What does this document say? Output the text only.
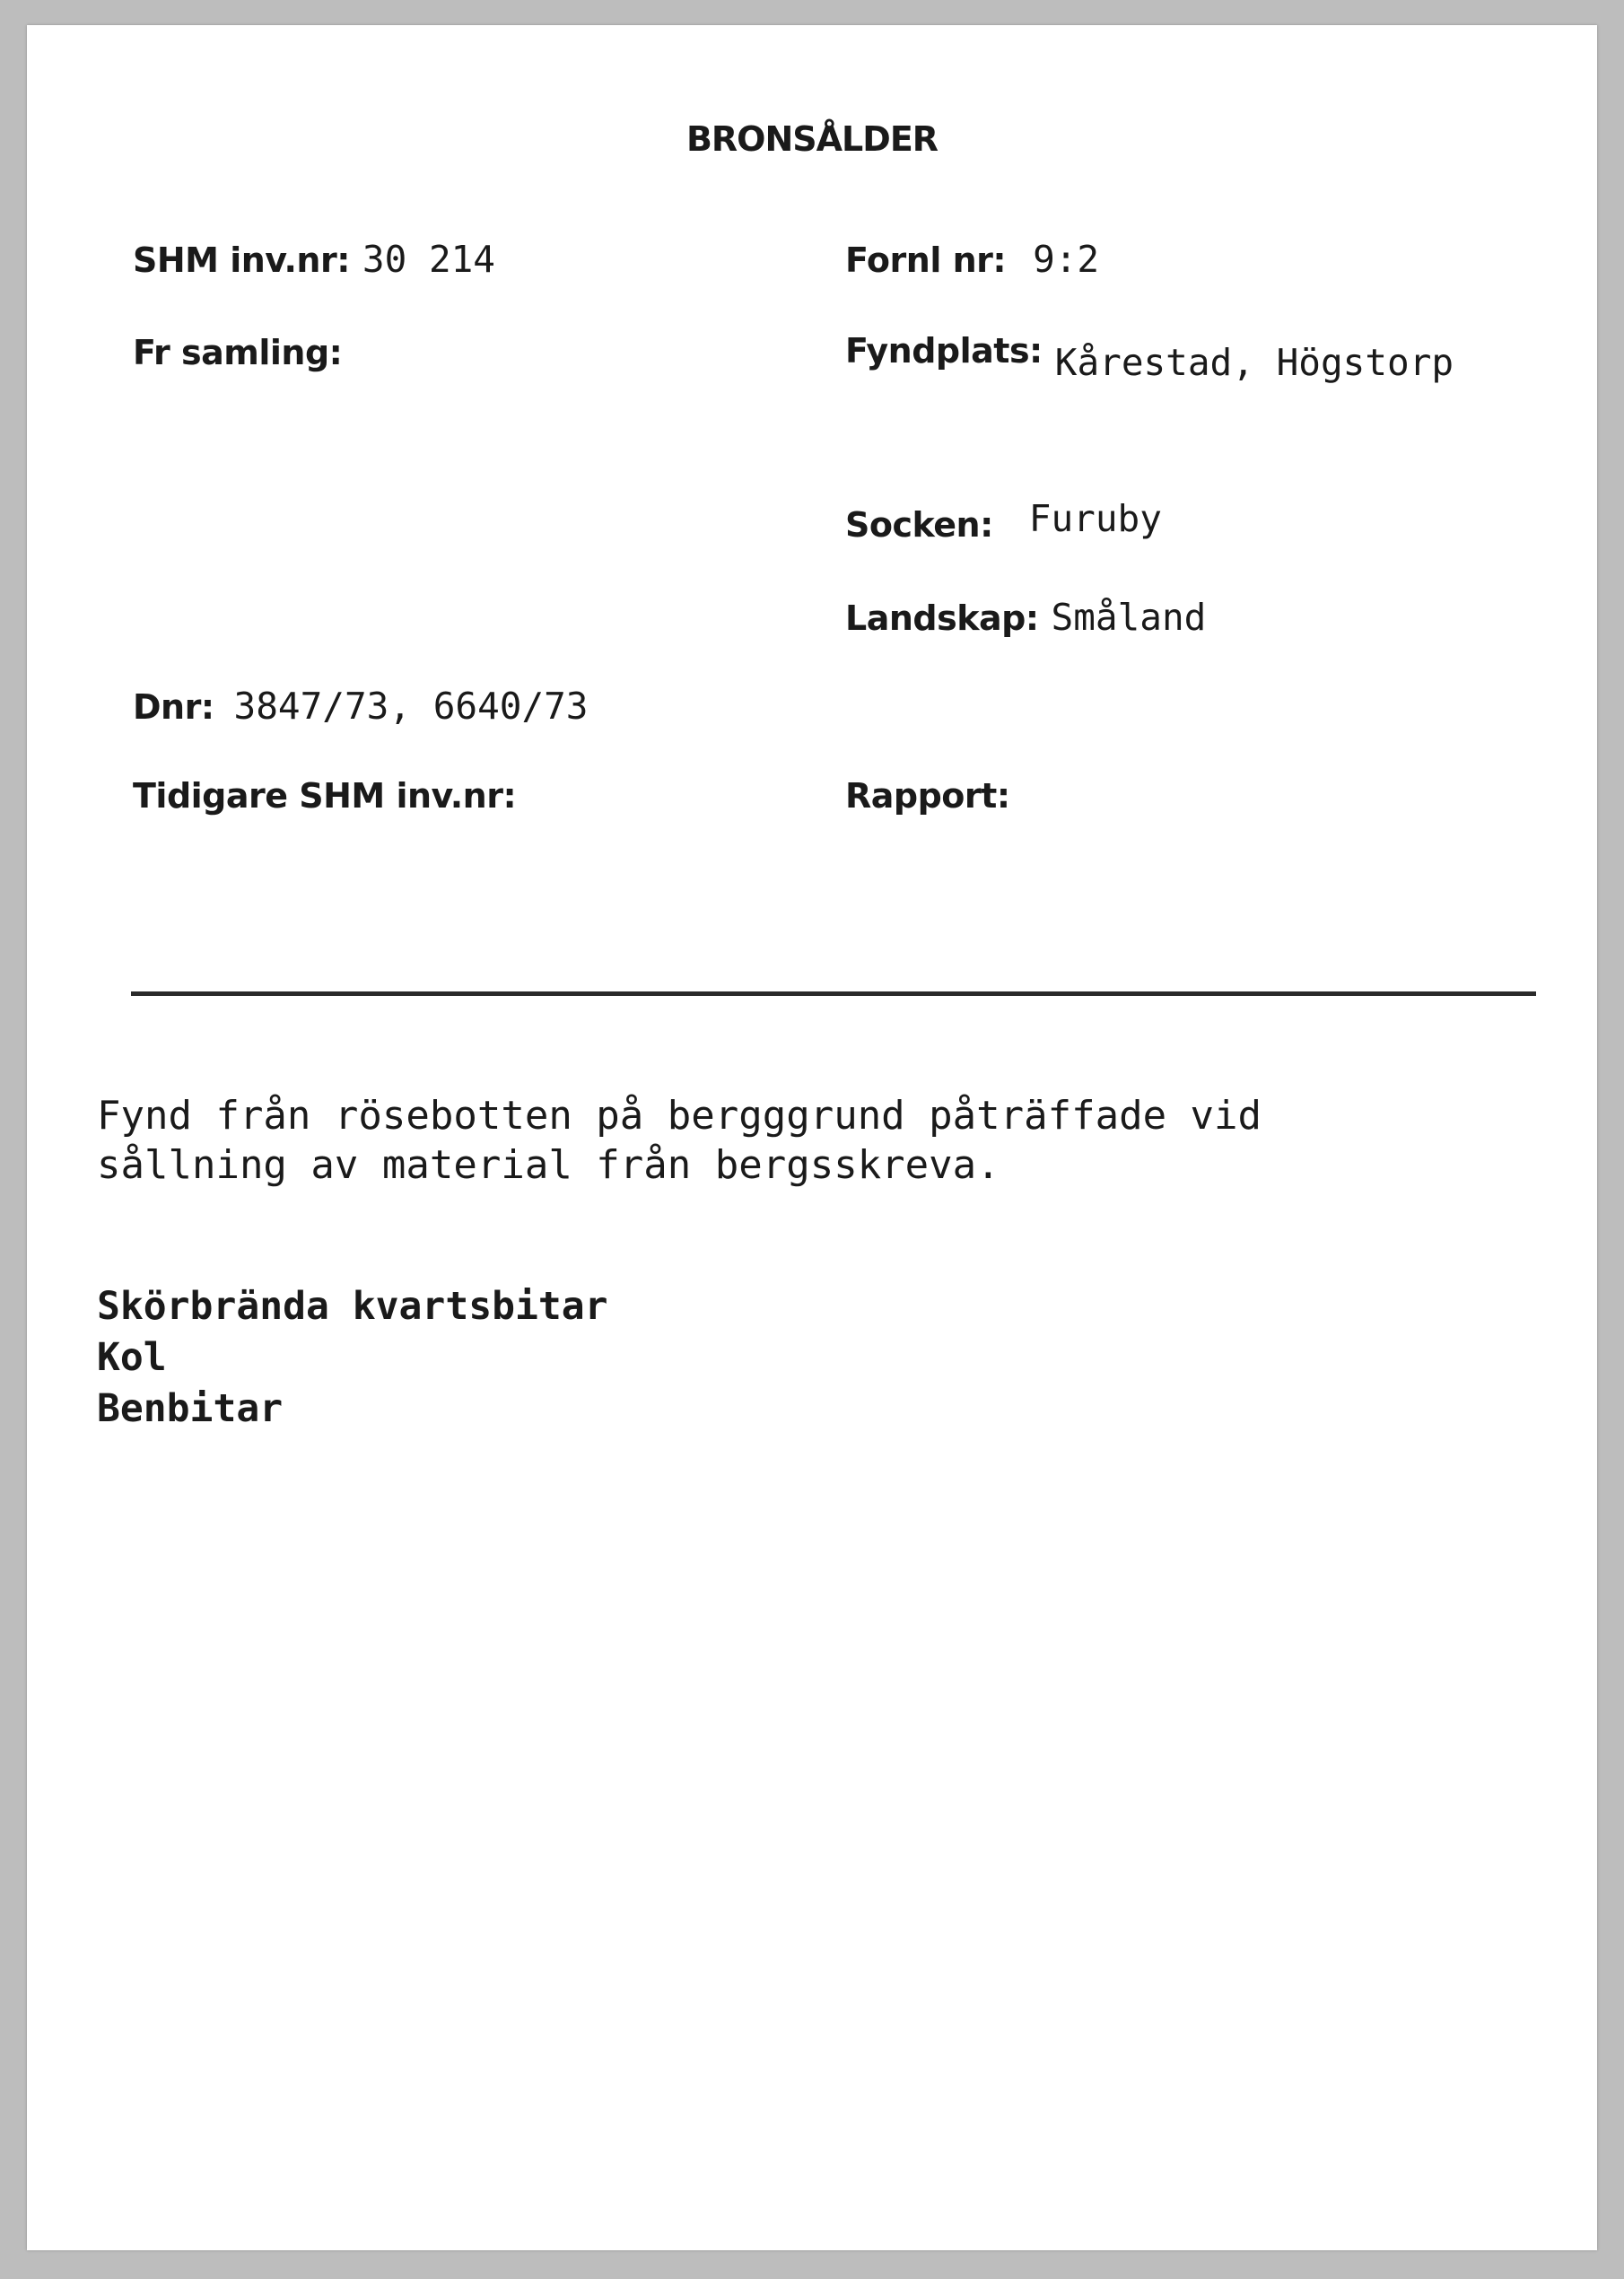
BRONSÅLDER
SHM inv.nr: 30 214	Fornl nr: 9:2
Fr samling:	Fyndplats: Kårestad, Högstorp
Socken: Furuby
Landskap: Småland
Dnr: 3847/73, 6640/73
Tidigare SHM inv.nr:	Rapport:
Fynd från rösebotten på bergggrund påträffade vid
sållning av material från bergsskreva.
Skörbrända kvartsbitar
Kol
Benbitar
